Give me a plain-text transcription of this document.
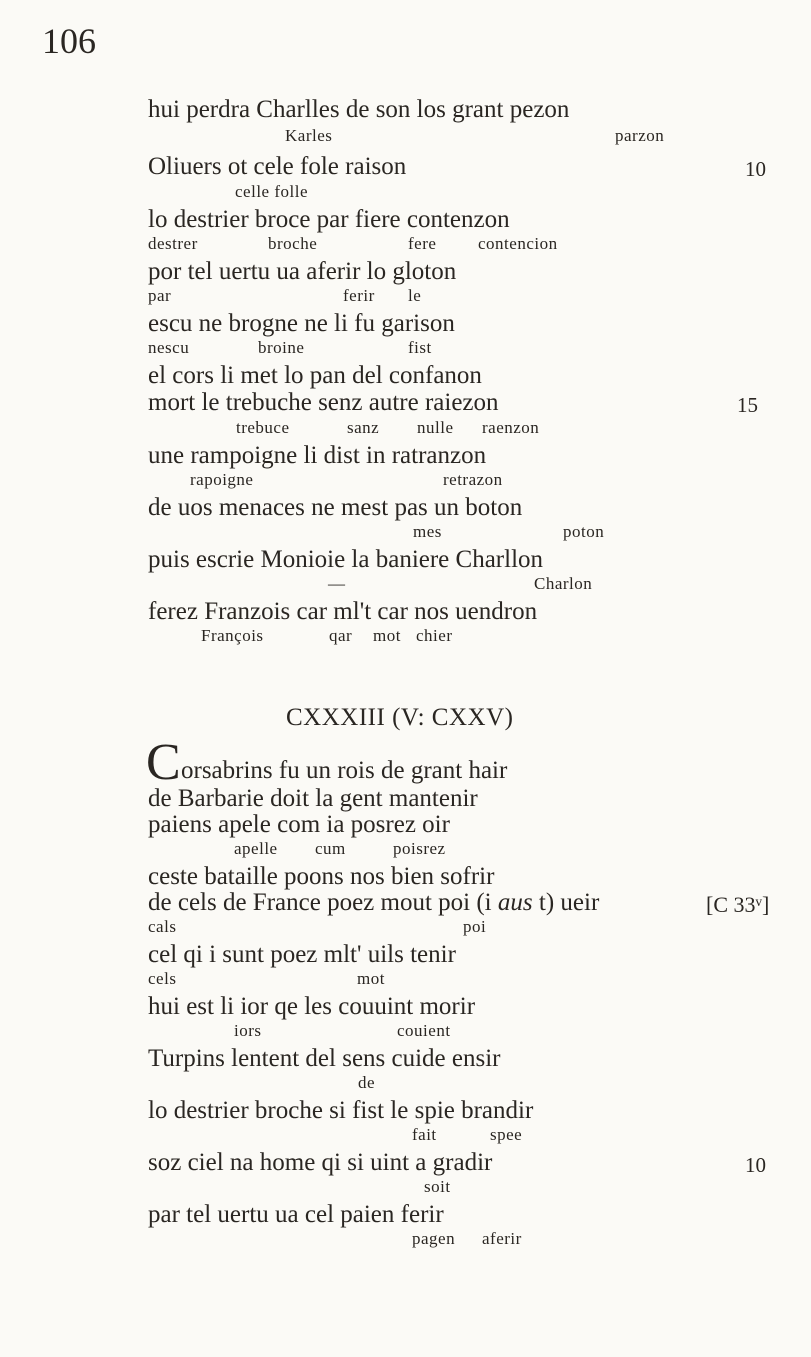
106
hui perdra Charlles de son los grant pezon
Karles	parzon
Oliuers ot cele fole raison	10
celle folle
lo destrier broce par fiere contenzon
destrer	broche	fere contencion
por tel uertu ua aferir lo gloton
par	ferir le
escu ne brogne ne li fu garison
nescu	broine	fist
el cors li met lo pan del confanon
mort le trebuche senz autre raiezon	15
trebuce	sanz nulle raenzon
une rampoigne li dist in ratranzon
rapoigne	retrazon
de uos menaces ne mest pas un boton
mes	poton
puis escrie Monioie la baniere Charllon
—	Charlon
ferez Franzois car ml't car nos uendron
François	qar mot chier
CXXXIII (V: CXXV)
C orsabrins fu un rois de grant hair
de Barbarie doit la gent mantenir
paiens apele com ia posrez oir
apelle cum	poisrez
ceste bataille poons nos bien sofrir
de cels de France poez mout poi (i aus t) ueir	[C 33ᵛ]
cals	poi
cel qi i sunt poez mlt' uils tenir
cels	mot
hui est li ior qe les couuint morir
iors	couient
Turpins lentent del sens cuide ensir
de
lo destrier broche si fist le spie brandir
fait	spee
soz ciel na home qi si uint a gradir	10
soit
par tel uertu ua cel paien ferir
pagen aferir
